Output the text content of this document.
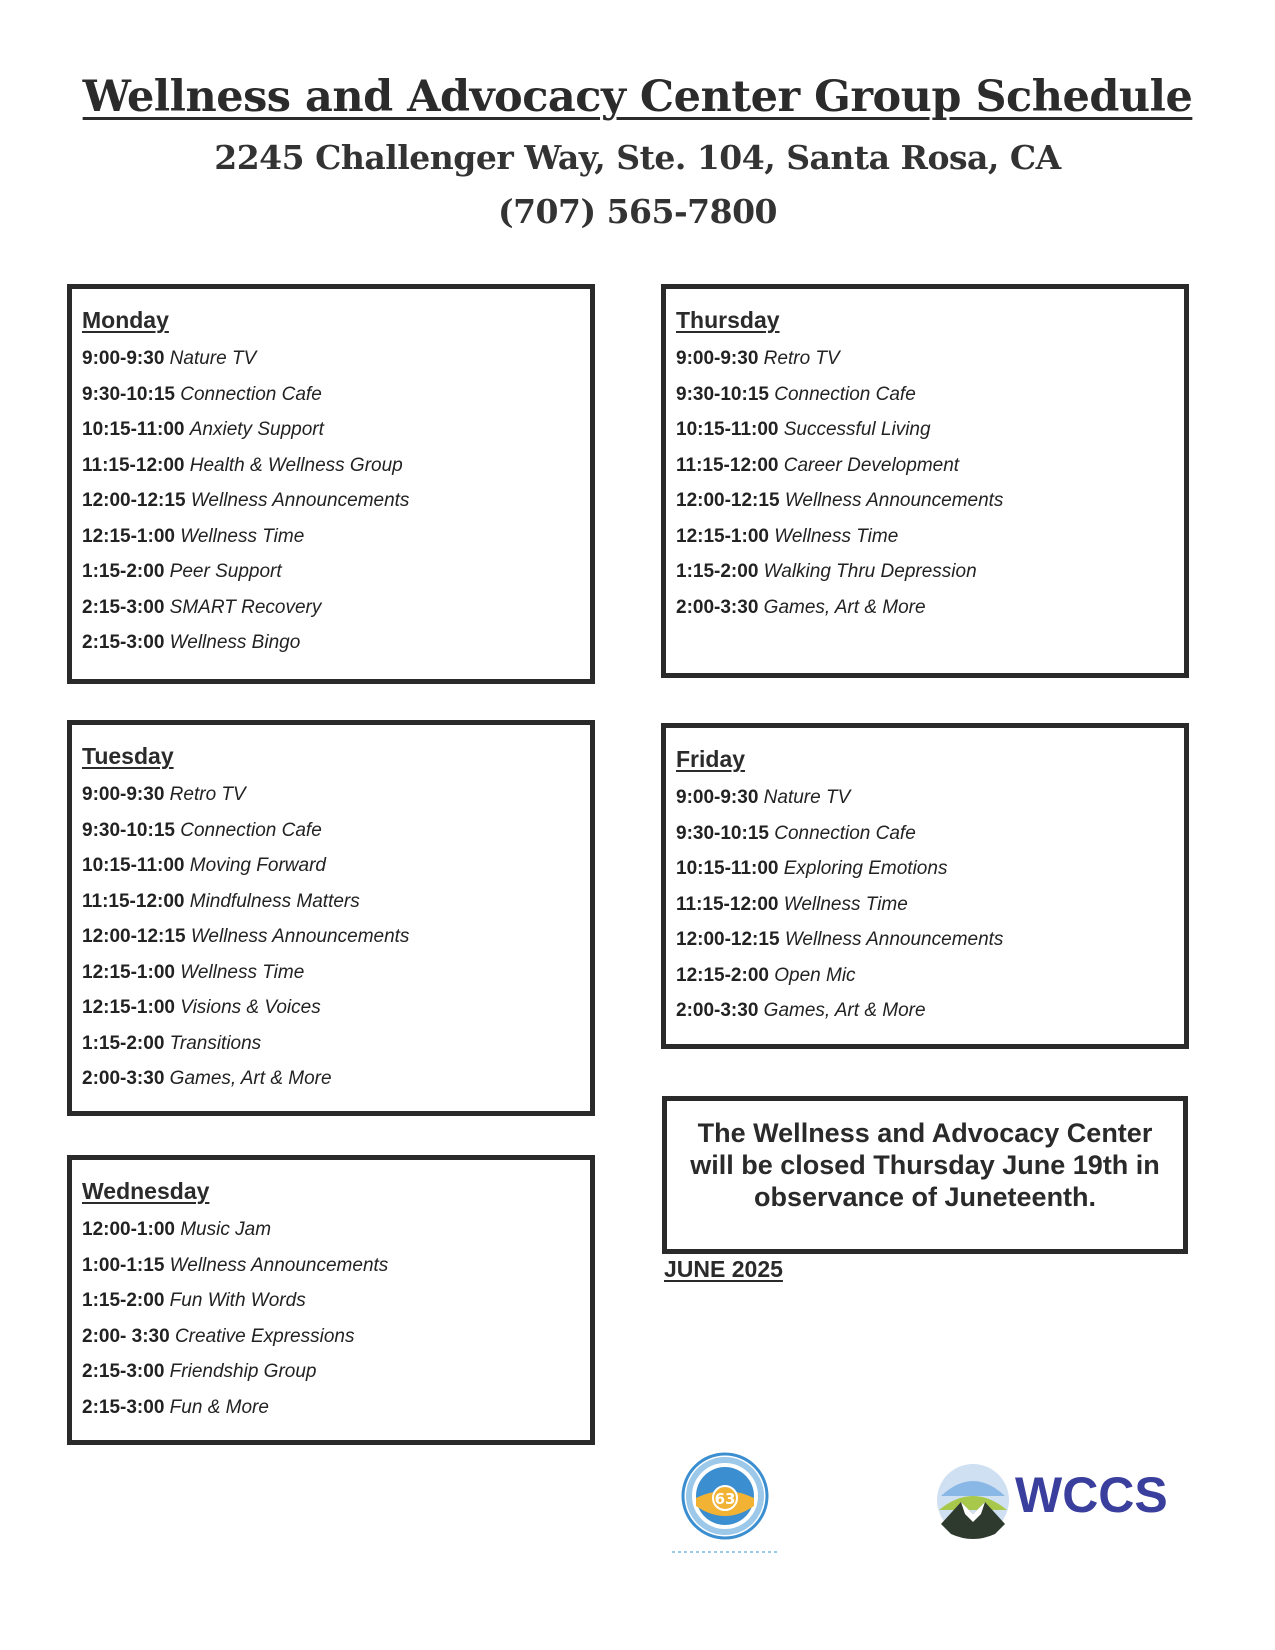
Wellness and Advocacy Center Group Schedule
2245 Challenger Way, Ste. 104, Santa Rosa, CA
(707) 565-7800
Monday
9:00-9:30 Nature TV
9:30-10:15 Connection Cafe
10:15-11:00 Anxiety Support
11:15-12:00 Health & Wellness Group
12:00-12:15 Wellness Announcements
12:15-1:00 Wellness Time
1:15-2:00 Peer Support
2:15-3:00 SMART Recovery
2:15-3:00 Wellness Bingo
Tuesday
9:00-9:30 Retro TV
9:30-10:15 Connection Cafe
10:15-11:00 Moving Forward
11:15-12:00 Mindfulness Matters
12:00-12:15 Wellness Announcements
12:15-1:00 Wellness Time
12:15-1:00 Visions & Voices
1:15-2:00 Transitions
2:00-3:30 Games, Art & More
Wednesday
12:00-1:00 Music Jam
1:00-1:15 Wellness Announcements
1:15-2:00 Fun With Words
2:00- 3:30 Creative Expressions
2:15-3:00 Friendship Group
2:15-3:00 Fun & More
Thursday
9:00-9:30 Retro TV
9:30-10:15 Connection Cafe
10:15-11:00 Successful Living
11:15-12:00 Career Development
12:00-12:15 Wellness Announcements
12:15-1:00 Wellness Time
1:15-2:00 Walking Thru Depression
2:00-3:30 Games, Art & More
Friday
9:00-9:30 Nature TV
9:30-10:15 Connection Cafe
10:15-11:00 Exploring Emotions
11:15-12:00 Wellness Time
12:00-12:15 Wellness Announcements
12:15-2:00 Open Mic
2:00-3:30 Games, Art & More
The Wellness and Advocacy Center
will be closed Thursday June 19th in
observance of Juneteenth.
JUNE 2025
63	WCCS
